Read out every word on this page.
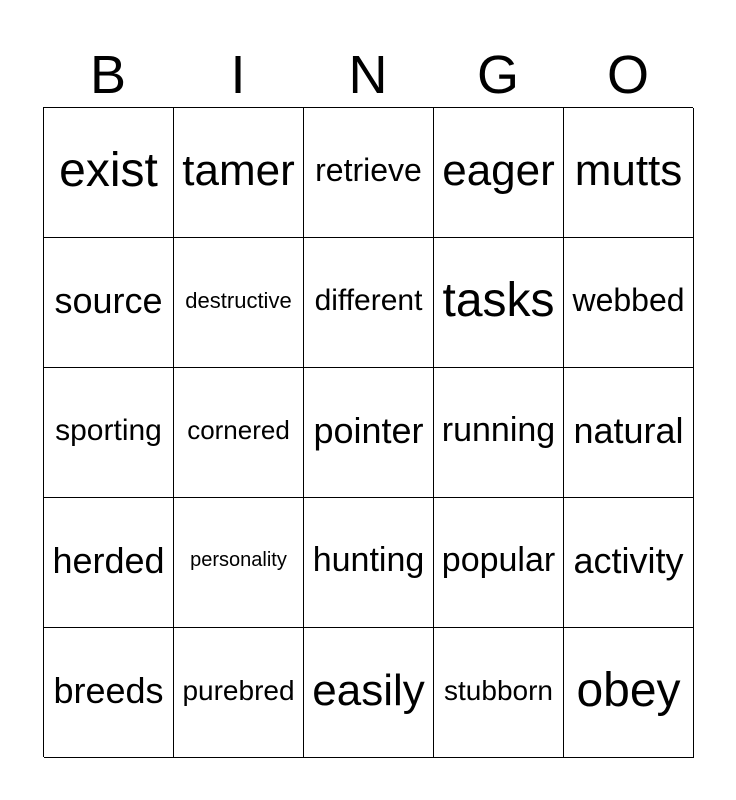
B	I	N	G	O
exist tamer retrieve eager mutts
source	destructive different tasks webbed
sporting cornered pointer running natural
herded	personality hunting popular activity
breeds purebred easily stubborn obey
